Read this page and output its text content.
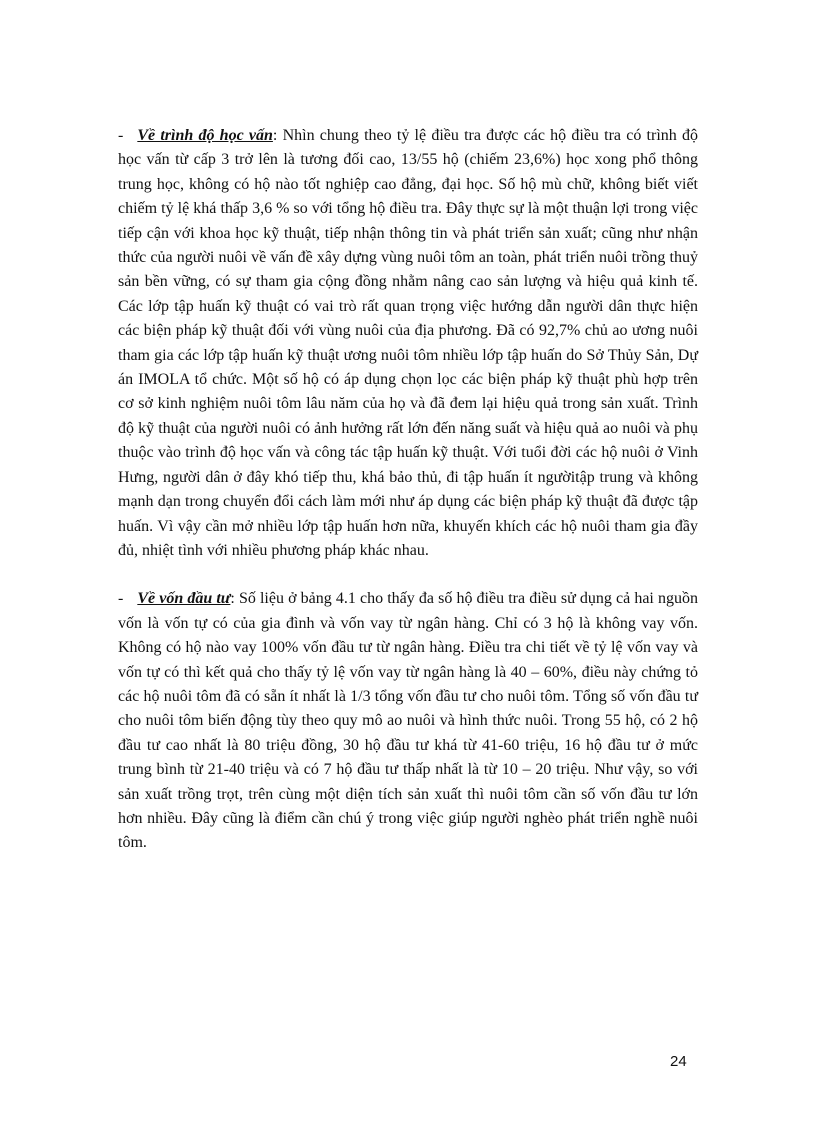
- Về trình độ học vấn: Nhìn chung theo tỷ lệ điều tra được các hộ điều tra có trình độ học vấn từ cấp 3 trở lên là tương đối cao, 13/55 hộ (chiếm 23,6%) học xong phổ thông trung học, không có hộ nào tốt nghiệp cao đẳng, đại học. Số hộ mù chữ, không biết viết chiếm tỷ lệ khá thấp 3,6 % so với tổng hộ điều tra. Đây thực sự là một thuận lợi trong việc tiếp cận với khoa học kỹ thuật, tiếp nhận thông tin và phát triển sản xuất; cũng như nhận thức của người nuôi về vấn đề xây dựng vùng nuôi tôm an toàn, phát triển nuôi trồng thuỷ sản bền vững, có sự tham gia cộng đồng nhằm nâng cao sản lượng và hiệu quả kinh tế. Các lớp tập huấn kỹ thuật có vai trò rất quan trọng việc hướng dẫn người dân thực hiện các biện pháp kỹ thuật đối với vùng nuôi của địa phương. Đã có 92,7% chủ ao ương nuôi tham gia các lớp tập huấn kỹ thuật ương nuôi tôm nhiều lớp tập huấn do Sở Thủy Sản, Dự án IMOLA tổ chức. Một số hộ có áp dụng chọn lọc các biện pháp kỹ thuật phù hợp trên cơ sở kinh nghiệm nuôi tôm lâu năm của họ và đã đem lại hiệu quả trong sản xuất. Trình độ kỹ thuật của người nuôi có ảnh hưởng rất lớn đến năng suất và hiệu quả ao nuôi và phụ thuộc vào trình độ học vấn và công tác tập huấn kỹ thuật. Với tuổi đời các hộ nuôi ở Vinh Hưng, người dân ở đây khó tiếp thu, khá bảo thủ, đi tập huấn ít ngườitập trung và không mạnh dạn trong chuyển đổi cách làm mới như áp dụng các biện pháp kỹ thuật đã được tập huấn. Vì vậy cần mở nhiều lớp tập huấn hơn nữa, khuyến khích các hộ nuôi tham gia đầy đủ, nhiệt tình với nhiều phương pháp khác nhau.

- Về vốn đầu tư: Số liệu ở bảng 4.1 cho thấy đa số hộ điều tra điều sử dụng cả hai nguồn vốn là vốn tự có của gia đình và vốn vay từ ngân hàng. Chỉ có 3 hộ là không vay vốn. Không có hộ nào vay 100% vốn đầu tư từ ngân hàng. Điều tra chi tiết về tỷ lệ vốn vay và vốn tự có thì kết quả cho thấy tỷ lệ vốn vay từ ngân hàng là 40 – 60%, điều này chứng tỏ các hộ nuôi tôm đã có sẵn ít nhất là 1/3 tổng vốn đầu tư cho nuôi tôm. Tổng số vốn đầu tư cho nuôi tôm biến động tùy theo quy mô ao nuôi và hình thức nuôi. Trong 55 hộ, có 2 hộ đầu tư cao nhất là 80 triệu đồng, 30 hộ đầu tư khá từ 41-60 triệu, 16 hộ đầu tư ở mức trung bình từ 21-40 triệu và có 7 hộ đầu tư thấp nhất là từ 10 – 20 triệu. Như vậy, so với sản xuất trồng trọt, trên cùng một diện tích sản xuất thì nuôi tôm cần số vốn đầu tư lớn hơn nhiều. Đây cũng là điểm cần chú ý trong việc giúp người nghèo phát triển nghề nuôi tôm.

24
